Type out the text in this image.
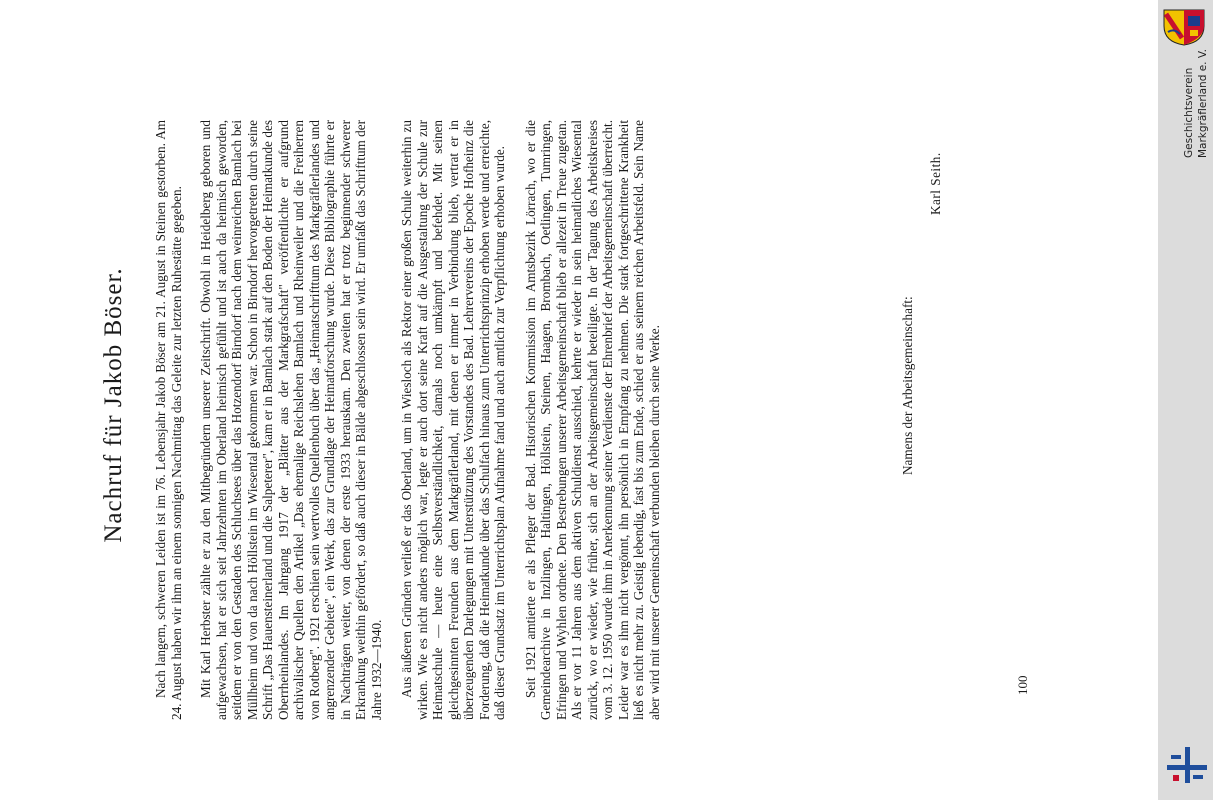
Nachruf für Jakob Böser. Nach langem, schweren Leiden ist im 76. Lebensjahr Jakob Böser am 21. August in Steinen gestorben. Am 24. August haben wir ihm an einem sonnigen Nachmittag das Geleite zur letzten Ruhestätte gegeben. Mit Karl Herbster zählte er zu den Mitbegründern unserer Zeitschrift. Obwohl in Heidelberg geboren und aufgewachsen, hat er sich seit Jahrzehnten im Oberland heimisch gefühlt und ist auch da heimisch geworden, seitdem er von den Gestaden des Schluchsees über das Hotzendorf Birndorf nach dem weinreichen Bamlach bei Müllheim und von da nach Höllstein im Wiesental gekommen war. Schon in Birndorf hervorgetreten durch seine Schrift „Das Hauensteinerland und die Salpeterer", kam er in Bamlach stark auf den Boden der Heimatkunde des Oberrheinlandes. Im Jahrgang 1917 der „Blätter aus der Markgrafschaft" veröffentlichte er aufgrund archivalischer Quellen den Artikel „Das ehemalige Reichslehen Bamlach und Rheinweiler und die Freiherren von Rotberg". 1921 erschien sein wertvolles Quellenbuch über das „Heimatschrifttum des Markgräflerlandes und angrenzender Gebiete", ein Werk, das zur Grundlage der Heimatforschung wurde. Diese Bibliographie führte er in Nachträgen weiter, von denen der erste 1933 herauskam. Den zweiten hat er trotz beginnender schwerer Erkrankung weithin gefördert, so daß auch dieser in Bälde abgeschlossen sein wird. Er umfaßt das Schrifttum der Jahre 1932—1940. Aus äußeren Gründen verließ er das Oberland, um in Wiesloch als Rektor einer großen Schule weiterhin zu wirken. Wie es nicht anders möglich war, legte er auch dort seine Kraft auf die Ausgestaltung der Schule zur Heimatschule — heute eine Selbstverständlichkeit, damals noch umkämpft und befehdet. Mit seinen gleichgesinnten Freunden aus dem Markgräflerland, mit denen er immer in Verbindung blieb, vertrat er in überzeugenden Darlegungen mit Unterstützung des Vorstandes des Bad. Lehrervereins der Epoche Hofheinz die Forderung, daß die Heimatkunde über das Schulfach hinaus zum Unterrichtsprinzip erhoben werde und erreichte, daß dieser Grundsatz im Unterrichtsplan Aufnahme fand und auch amtlich zur Verpflichtung erhoben wurde. Seit 1921 amtierte er als Pfleger der Bad. Historischen Kommission im Amtsbezirk Lörrach, wo er die Gemeindearchive in Inzlingen, Haltingen, Höllstein, Steinen, Haagen, Brombach, Oetlingen, Tumringen, Efringen und Wyhlen ordnete. Den Bestrebungen unserer Arbeitsgemeinschaft blieb er allezeit in Treue zugetan. Als er vor 11 Jahren aus dem aktiven Schuldienst ausschied, kehrte er wieder in sein heimatliches Wiesental zurück, wo er wieder, wie früher, sich an der Arbeitsgemeinschaft beteiligte. In der Tagung des Arbeitskreises vom 3. 12. 1950 wurde ihm in Anerkennung seiner Verdienste der Ehrenbrief der Arbeitsgemeinschaft überreicht. Leider war es ihm nicht vergönnt, ihn persönlich in Empfang zu nehmen. Die stark fortgeschrittene Krankheit ließ es nicht mehr zu. Geistig lebendig, fast bis zum Ende, schied er aus seinem reichen Arbeitsfeld. Sein Name aber wird mit unserer Gemeinschaft verbunden bleiben durch seine Werke.	Namens der Arbeitsgemeinschaft:
Karl Seith.
100
Geschichtsverein Markgräflerland e. V.
